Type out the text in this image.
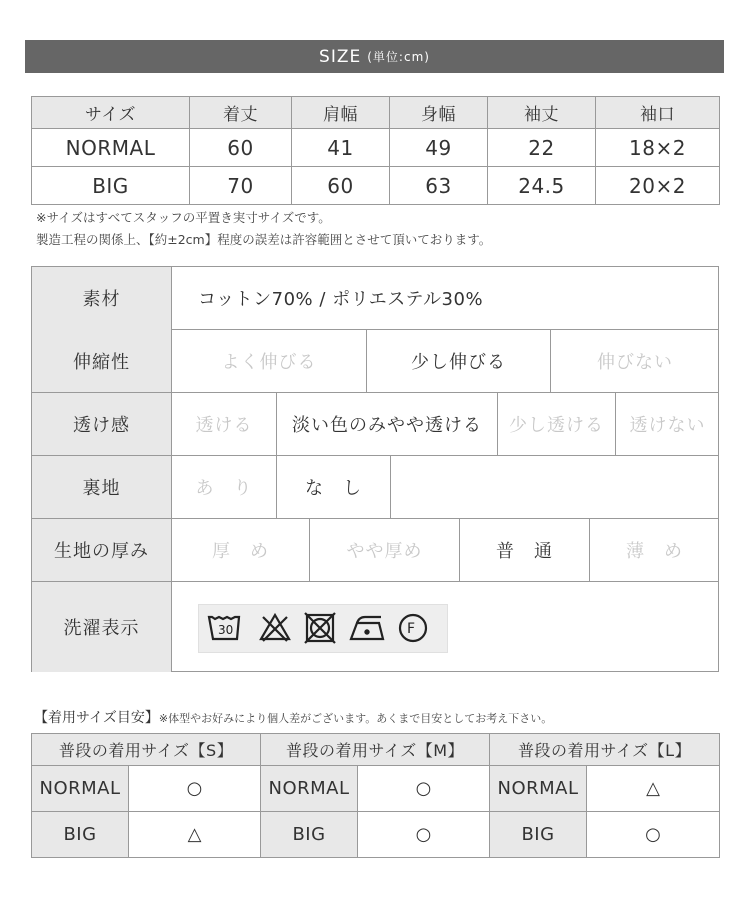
SIZE (単位:cm)
サイズ	着丈	肩幅	身幅	袖丈	袖口
NORMAL	60	41	49	22	18×2
BIG	70	60	63	24.5	20×2
※サイズはすべてスタッフの平置き実寸サイズです。
製造工程の関係上、【約±2cm】程度の誤差は許容範囲とさせて頂いております。
素材	コットン70% / ポリエステル30%
伸縮性	よく伸びる	少し伸びる	伸びない
透け感	透ける	淡い色のみやや透ける	少し透ける	透けない
裏地	あ　り	な　し
生地の厚み	厚　め	やや厚め	普　通	薄　め
洗濯表示	30	F
【着用サイズ目安】※体型やお好みにより個人差がございます。あくまで目安としてお考え下さい。
普段の着用サイズ【S】		普段の着用サイズ【M】		普段の着用サイズ【L】	
NORMAL	○	NORMAL	○	NORMAL	△
BIG	△	BIG	○	BIG	○
